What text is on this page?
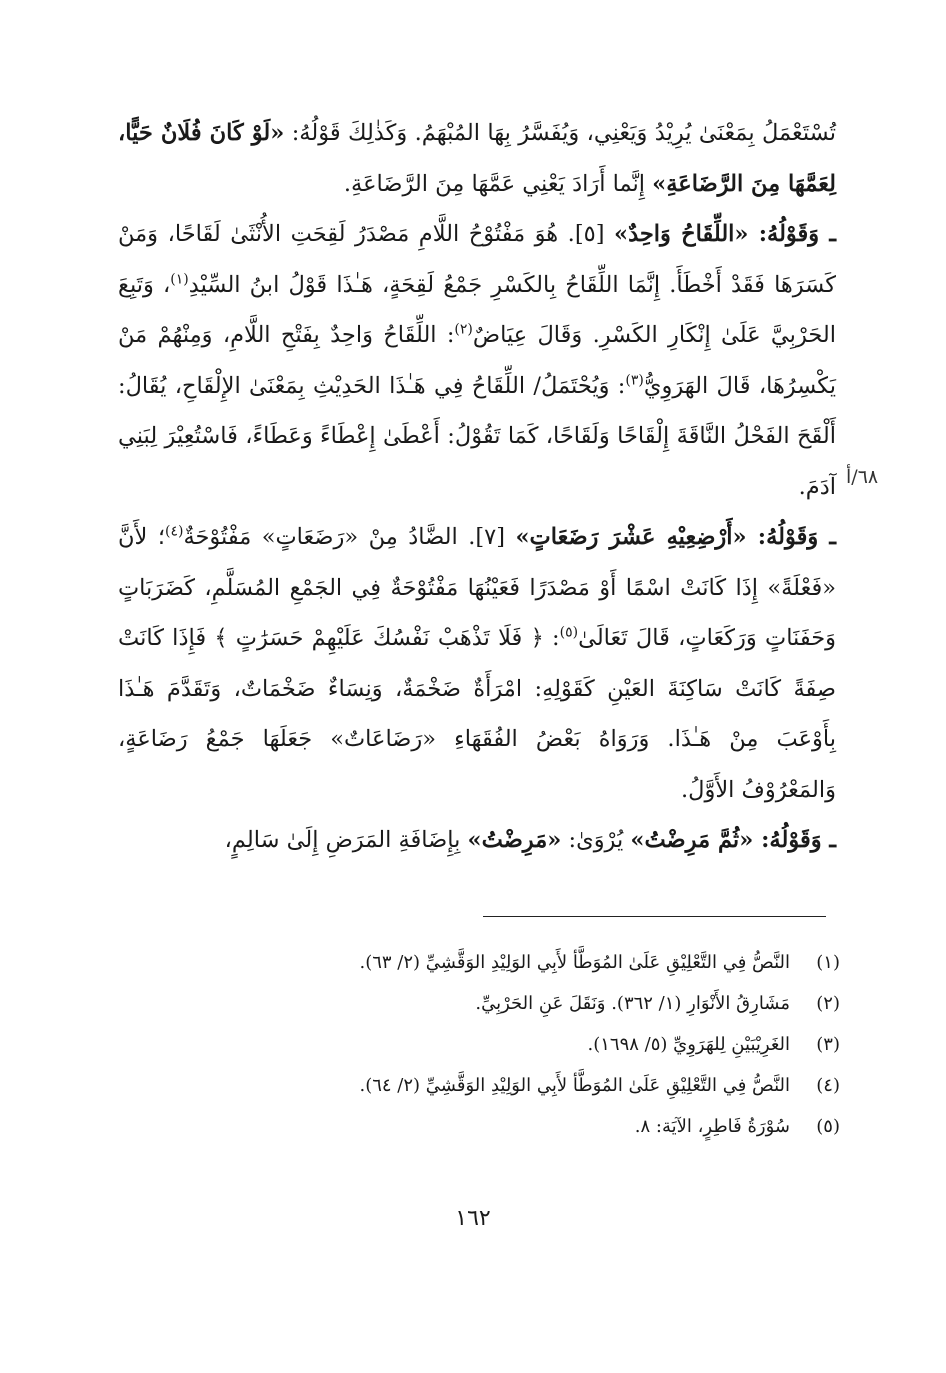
تُسْتَعْمَلُ بِمَعْنَىٰ يُرِيْدُ وَيَعْنِي، وَيُفَسَّرُ بِهَا المُبْهَمُ. وَكَذٰلِكَ قَوْلُهُ: «لَوْ كَانَ فُلَانٌ حَيًّا، لِعَمَّهَا مِنَ الرَّضَاعَةِ» إِنَّما أَرَادَ يَعْنِي عَمَّهَا مِنَ الرَّضَاعَةِ.

ـ وَقَوْلُهُ: «اللِّقَاحُ وَاحِدٌ» [٥]. هُوَ مَفْتُوْحُ اللَّامِ مَصْدَرُ لَقِحَتِ الأُنْثَىٰ لَقَاحًا، وَمَنْ كَسَرَهَا فَقَدْ أَخْطَأَ. إِنَّمَا اللِّقَاحُ بِالكَسْرِ جَمْعُ لَقِحَةٍ، هَـٰذَا قَوْلُ ابنُ السِّيْدِ$^{(١)}$، وَتَبِعَ الحَرْبِيَّ عَلَىٰ إِنْكَارِ الكَسْرِ. وَقَالَ عِيَاضٌ$^{(٢)}$: اللِّقَاحُ وَاحِدٌ بِفَتْحِ اللَّامِ، وَمِنْهُمْ مَنْ يَكْسِرُهَا، قَالَ الهَرَوِيُّ$^{(٣)}$: وَيُحْتَمَلُ/ اللِّقَاحُ فِي هَـٰذَا الحَدِيْثِ بِمَعْنَىٰ الإِلْقَاحِ، يُقَالُ: أَلْقَحَ الفَحْلُ النَّاقَةَ إِلْقَاحًا وَلَقَاحًا، كَمَا تَقُوْلُ: أَعْطَىٰ إِعْطَاءً وَعَطَاءً، فَاسْتُعِيْرَ لِبَنِي آدَمَ.

ـ وَقَوْلُهُ: «أَرْضِعِيْهِ عَشْرَ رَضَعَاتٍ» [٧]. الضَّادُ مِنْ «رَضَعَاتٍ» مَفْتُوْحَةٌ$^{(٤)}$؛ لأَنَّ «فَعْلَةً» إِذَا كَانَتْ اسْمًا أَوْ مَصْدَرًا فَعَيْنُهَا مَفْتُوْحَةٌ فِي الجَمْعِ المُسَلَّمِ، كَضَرَبَاتٍ وَحَفَنَاتٍ وَرَكَعَاتٍ، قَالَ تَعَالَىٰ$^{(٥)}$: ﴿ فَلَا تَذْهَبْ نَفْسُكَ عَلَيْهِمْ حَسَرَٰتٍ ﴾ فَإِذَا كَانَتْ صِفَةً كَانَتْ سَاكِنَةَ العَيْنِ كَقَوْلِهِ: امْرَأَةٌ ضَخْمَةٌ، وَنِسَاءٌ ضَخْمَاتٌ، وَتَقَدَّمَ هَـٰذَا بِأَوْعَبَ مِنْ هَـٰذَا. وَرَوَاهُ بَعْضُ الفُقَهَاءِ «رَضَاعَاتٌ» جَعَلَهَا جَمْعُ رَضَاعَةٍ، وَالمَعْرُوْفُ الأَوَّلُ.

ـ وَقَوْلُهُ: «ثُمَّ مَرِضْتُ» يُرْوَىٰ: «مَرِضْتُ» بِإِضَافَةِ المَرَضِ إِلَىٰ سَالِمٍ،

٦٨/أ
(١)
النَّصُّ فِي التَّعْلِيْقِ عَلَىٰ المُوَطَّأ لأَبِي الوَلِيْدِ الوَقَّشِيِّ (٢/ ٦٣).
(٢)
مَشَارِقُ الأَنْوَارِ (١/ ٣٦٢). وَنَقَلَ عَنِ الحَرْبِيِّ.
(٣)
الغَرِيْبَيْنِ لِلهَرَوِيِّ (٥/ ١٦٩٨).
(٤)
النَّصُّ فِي التَّعْلِيْقِ عَلَىٰ المُوَطَّأ لأَبِي الوَلِيْدِ الوَقَّشِيِّ (٢/ ٦٤).
(٥)
سُوْرَةُ فَاطِرٍ، الآيَة: ٨.
١٦٢
